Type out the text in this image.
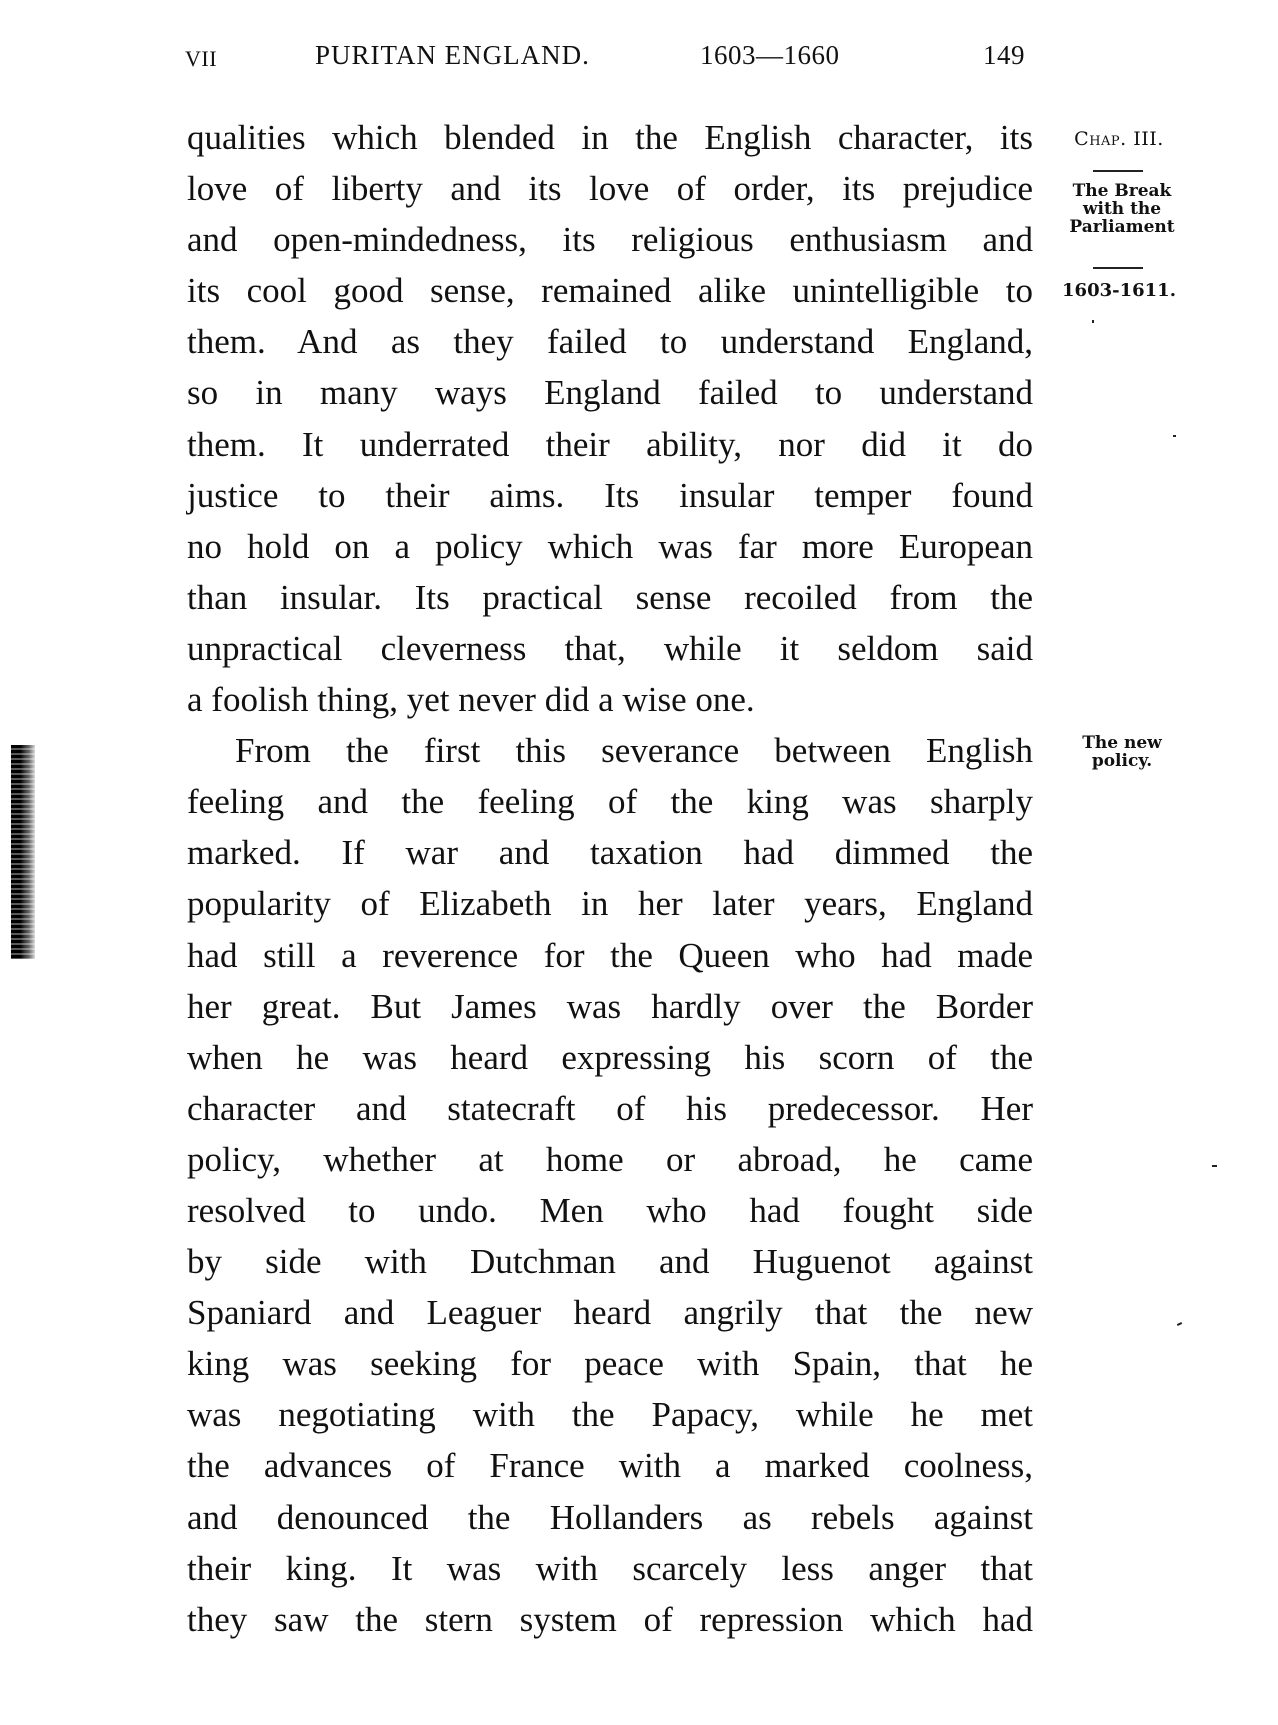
VII	PURITAN ENGLAND.	1603—1660	149
qualities which blended in the English character, its
love of liberty and its love of order, its prejudice
and open-mindedness, its religious enthusiasm and
its cool good sense, remained alike unintelligible to
them. And as they failed to understand England,
so in many ways England failed to understand
them. It underrated their ability, nor did it do
justice to their aims. Its insular temper found
no hold on a policy which was far more European
than insular. Its practical sense recoiled from the
unpractical cleverness that, while it seldom said
a foolish thing, yet never did a wise one.
From the first this severance between English
feeling and the feeling of the king was sharply
marked. If war and taxation had dimmed the
popularity of Elizabeth in her later years, England
had still a reverence for the Queen who had made
her great. But James was hardly over the Border
when he was heard expressing his scorn of the
character and statecraft of his predecessor. Her
policy, whether at home or abroad, he came
resolved to undo. Men who had fought side
by side with Dutchman and Huguenot against
Spaniard and Leaguer heard angrily that the new
king was seeking for peace with Spain, that he
was negotiating with the Papacy, while he met
the advances of France with a marked coolness,
and denounced the Hollanders as rebels against
their king. It was with scarcely less anger that
they saw the stern system of repression which had
Chap. III.
The Break
with the
Parliament
1603-1611.
The new
policy.
